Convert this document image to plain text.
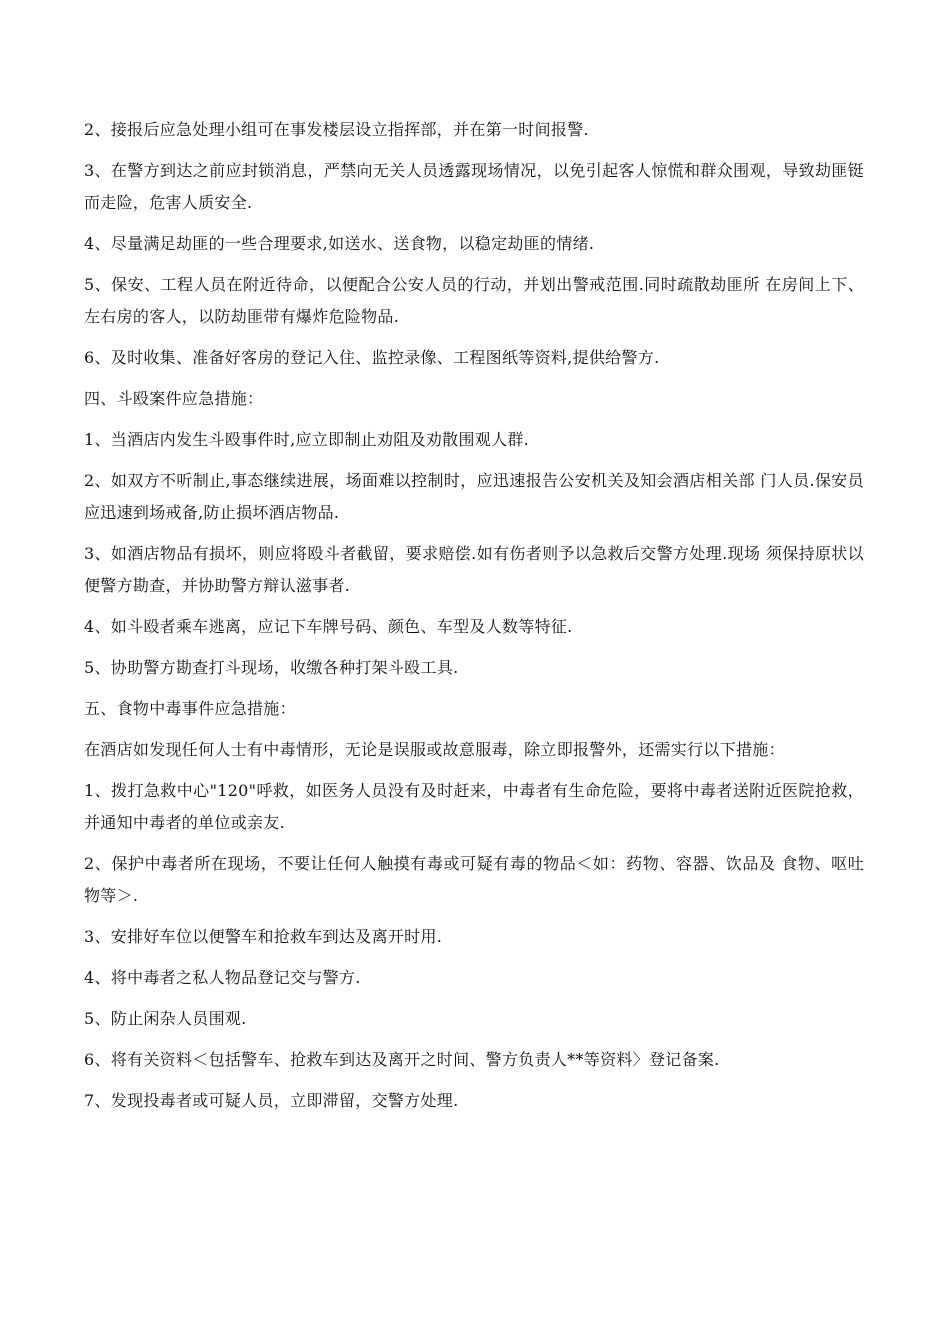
2、接报后应急处理小组可在事发楼层设立指挥部，并在第一时间报警.

3、在警方到达之前应封锁消息，严禁向无关人员透露现场情况，以免引起客人惊慌和群众围观，导致劫匪铤而走险，危害人质安全.

4、尽量满足劫匪的一些合理要求,如送水、送食物，以稳定劫匪的情绪.

5、保安、工程人员在附近待命，以便配合公安人员的行动，并划出警戒范围.同时疏散劫匪所 在房间上下、左右房的客人，以防劫匪带有爆炸危险物品.

6、及时收集、准备好客房的登记入住、监控录像、工程图纸等资料,提供给警方.

四、斗殴案件应急措施：

1、当酒店内发生斗殴事件时,应立即制止劝阻及劝散围观人群.

2、如双方不听制止,事态继续进展，场面难以控制时，应迅速报告公安机关及知会酒店相关部 门人员.保安员应迅速到场戒备,防止损坏酒店物品.

3、如酒店物品有损坏，则应将殴斗者截留，要求赔偿.如有伤者则予以急救后交警方处理.现场 须保持原状以便警方勘查，并协助警方辩认滋事者.

4、如斗殴者乘车逃离，应记下车牌号码、颜色、车型及人数等特征.

5、协助警方勘查打斗现场，收缴各种打架斗殴工具.

五、食物中毒事件应急措施：

在酒店如发现任何人士有中毒情形，无论是误服或故意服毒，除立即报警外，还需实行以下措施：

1、拨打急救中心"120"呼救，如医务人员没有及时赶来，中毒者有生命危险，要将中毒者送附近医院抢救，并通知中毒者的单位或亲友.

2、保护中毒者所在现场，不要让任何人触摸有毒或可疑有毒的物品＜如：药物、容器、饮品及 食物、呕吐物等＞.

3、安排好车位以便警车和抢救车到达及离开时用.

4、将中毒者之私人物品登记交与警方.

5、防止闲杂人员围观.

6、将有关资料＜包括警车、抢救车到达及离开之时间、警方负责人**等资料〉登记备案.

7、发现投毒者或可疑人员，立即滞留，交警方处理.
